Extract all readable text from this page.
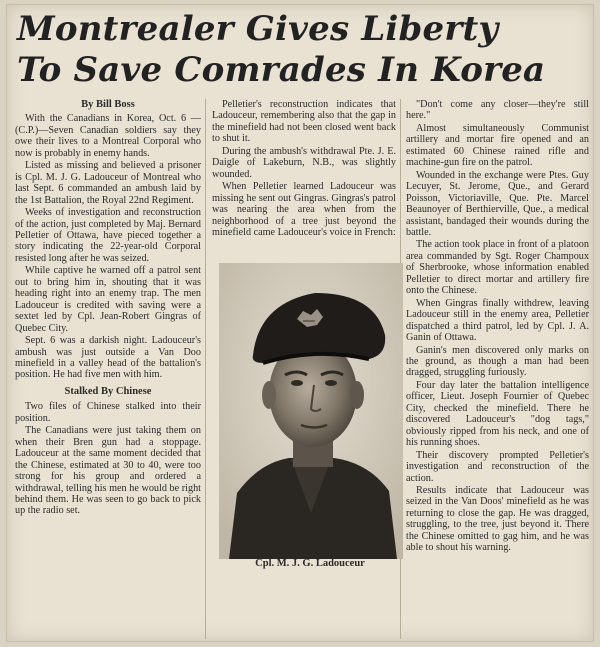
Montrealer Gives Liberty
To Save Comrades In Korea
By Bill Boss

With the Canadians in Korea, Oct. 6 — (C.P.)—Seven Canadian soldiers say they owe their lives to a Montreal Corporal who now is probably in enemy hands.

Listed as missing and believed a prisoner is Cpl. M. J. G. Ladouceur of Montreal who last Sept. 6 commanded an ambush laid by the 1st Battalion, the Royal 22nd Regiment.

Weeks of investigation and reconstruction of the action, just completed by Maj. Bernard Pelletier of Ottawa, have pieced together a story indicating the 22-year-old Corporal resisted long after he was seized.

While captive he warned off a patrol sent out to bring him in, shouting that it was heading right into an enemy trap. The men Ladouceur is credited with saving were a sextet led by Cpl. Jean-Robert Gingras of Quebec City.

Sept. 6 was a darkish night. Ladouceur's ambush was just outside a Van Doo minefield in a valley head of the battalion's position. He had five men with him.

Stalked By Chinese

Two files of Chinese stalked into their position.

The Canadians were just taking them on when their Bren gun had a stoppage. Ladouceur at the same moment decided that the Chinese, estimated at 30 to 40, were too strong for his group and ordered a withdrawal, telling his men he would be right behind them. He was seen to go back to pick up the radio set.

Pelletier's reconstruction indicates that Ladouceur, remembering also that the gap in the minefield had not been closed went back to shut it.

During the ambush's withdrawal Pte. J. E. Daigle of Lakeburn, N.B., was slightly wounded.

When Pelletier learned Ladouceur was missing he sent out Gingras. Gingras's patrol was nearing the area when from the neighborhood of a tree just beyond the minefield came Ladouceur's voice in French:

Cpl. M. J. G. Ladouceur

"Don't come any closer—they're still here."

Almost simultaneously Communist artillery and mortar fire opened and an estimated 60 Chinese rained rifle and machine-gun fire on the patrol.

Wounded in the exchange were Ptes. Guy Lecuyer, St. Jerome, Que., and Gerard Poisson, Victoriaville, Que. Pte. Marcel Beaunoyer of Berthierville, Que., a medical assistant, bandaged their wounds during the battle.

The action took place in front of a platoon area commanded by Sgt. Roger Champoux of Sherbrooke, whose information enabled Pelletier to direct mortar and artillery fire onto the Chinese.

When Gingras finally withdrew, leaving Ladouceur still in the enemy area, Pelletier dispatched a third patrol, led by Cpl. J. A. Ganin of Ottawa.

Ganin's men discovered only marks on the ground, as though a man had been dragged, struggling furiously.

Four day later the battalion intelligence officer, Lieut. Joseph Fournier of Quebec City, checked the minefield. There he discovered Ladouceur's "dog tags," obviously ripped from his neck, and one of his running shoes.

Their discovery prompted Pelletier's investigation and reconstruction of the action.

Results indicate that Ladouceur was seized in the Van Doos' minefield as he was returning to close the gap. He was dragged, struggling, to the tree, just beyond it. There the Chinese omitted to gag him, and he was able to shout his warning.
